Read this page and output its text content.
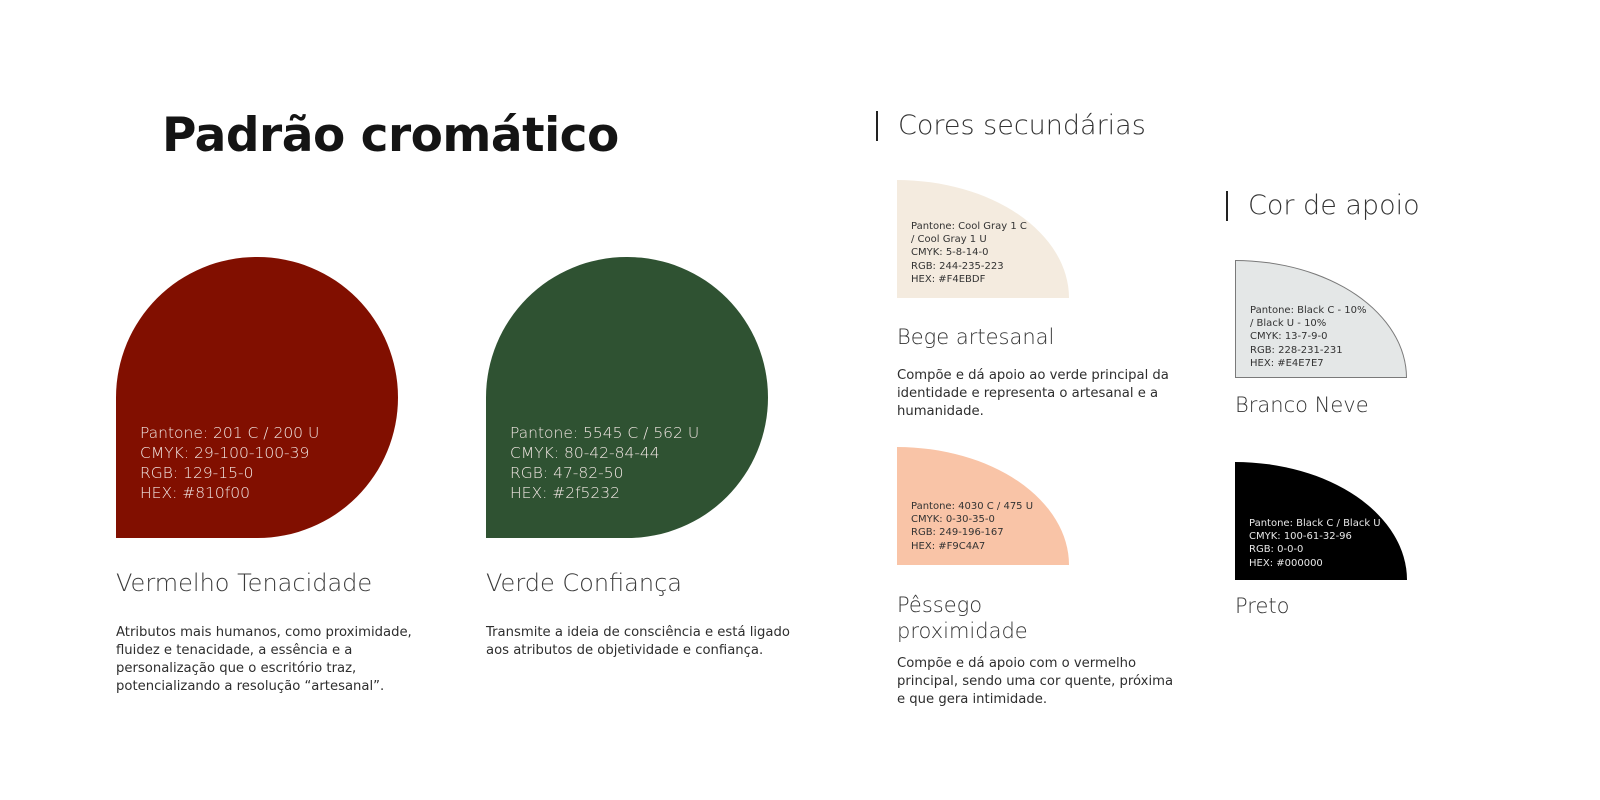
Padrão cromático
Pantone: 201 C / 200 U
CMYK: 29-100-100-39
RGB: 129-15-0
HEX: #810f00
Vermelho Tenacidade

Atributos mais humanos, como proximidade, fluidez e tenacidade, a essência e a personalização que o escritório traz, potencializando a resolução “artesanal”.

Pantone: 5545 C / 562 U
CMYK: 80-42-84-44
RGB: 47-82-50
HEX: #2f5232
Verde Confiança

Transmite a ideia de consciência e está ligado aos atributos de objetividade e confiança.

Cores secundárias
Pantone: Cool Gray 1 C
/ Cool Gray 1 U
CMYK: 5-8-14-0
RGB: 244-235-223
HEX: #F4EBDF
Bege artesanal

Compõe e dá apoio ao verde principal da identidade e representa o artesanal e a humanidade.

Pantone: 4030 C / 475 U
CMYK: 0-30-35-0
RGB: 249-196-167
HEX: #F9C4A7
Pêssego proximidade

Compõe e dá apoio com o vermelho principal, sendo uma cor quente, próxima e que gera intimidade.

Cor de apoio
Pantone: Black C - 10%
/ Black U - 10%
CMYK: 13-7-9-0
RGB: 228-231-231
HEX: #E4E7E7
Branco Neve
Pantone: Black C / Black U
CMYK: 100-61-32-96
RGB: 0-0-0
HEX: #000000
Preto
